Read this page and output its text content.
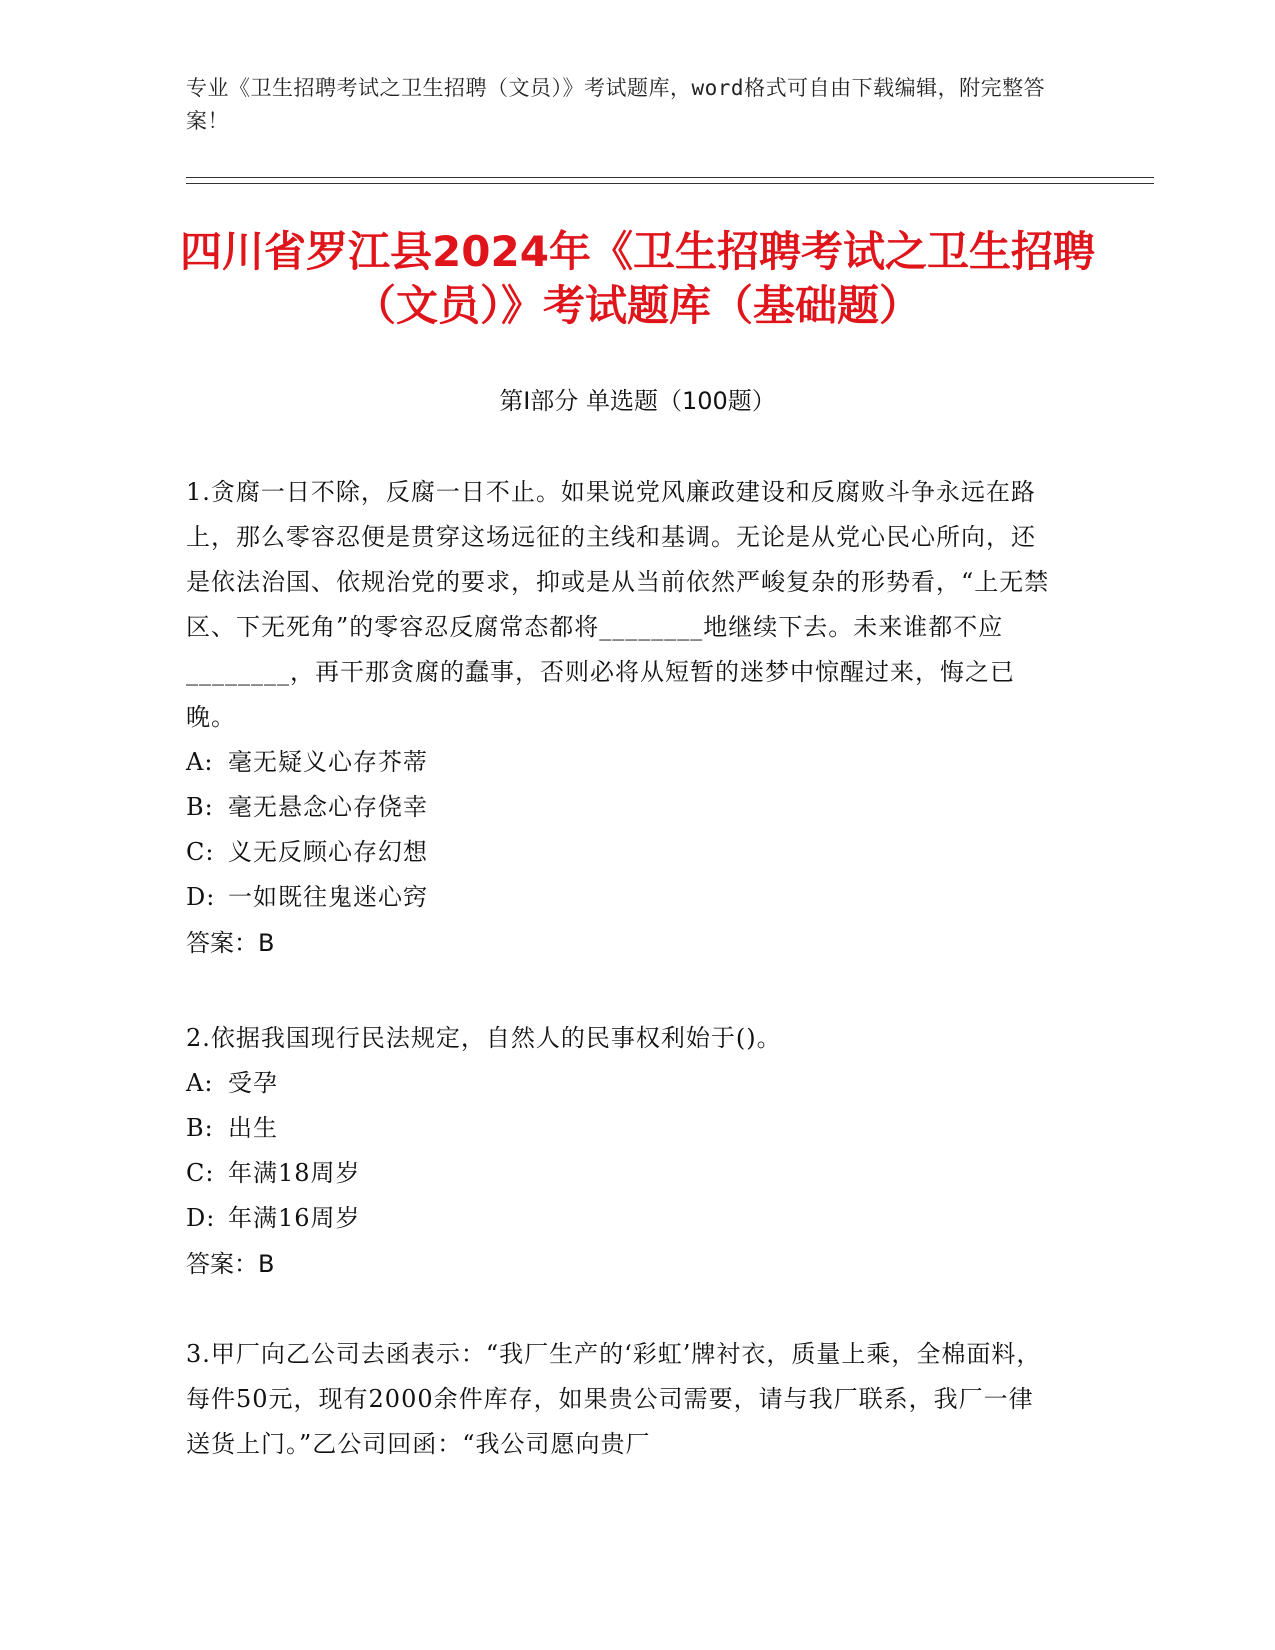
专业《卫生招聘考试之卫生招聘（文员）》考试题库，word格式可自由下载编辑，附完整答案！
四川省罗江县2024年《卫生招聘考试之卫生招聘（文员）》考试题库（基础题）
第Ⅰ部分 单选题（100题）

1.贪腐一日不除，反腐一日不止。如果说党风廉政建设和反腐败斗争永远在路上，那么零容忍便是贯穿这场远征的主线和基调。无论是从党心民心所向，还是依法治国、依规治党的要求，抑或是从当前依然严峻复杂的形势看，“上无禁区、下无死角”的零容忍反腐常态都将________地继续下去。未来谁都不应________，再干那贪腐的蠢事，否则必将从短暂的迷梦中惊醒过来，悔之已晚。

A: 毫无疑义心存芥蒂

B: 毫无悬念心存侥幸

C: 义无反顾心存幻想

D: 一如既往鬼迷心窍

答案：B

2.依据我国现行民法规定，自然人的民事权利始于()。

A: 受孕

B: 出生

C: 年满18周岁

D: 年满16周岁

答案：B

3.甲厂向乙公司去函表示：“我厂生产的‘彩虹’牌衬衣，质量上乘，全棉面料，每件50元，现有2000余件库存，如果贵公司需要，请与我厂联系，我厂一律送货上门。”乙公司回函：“我公司愿向贵厂
